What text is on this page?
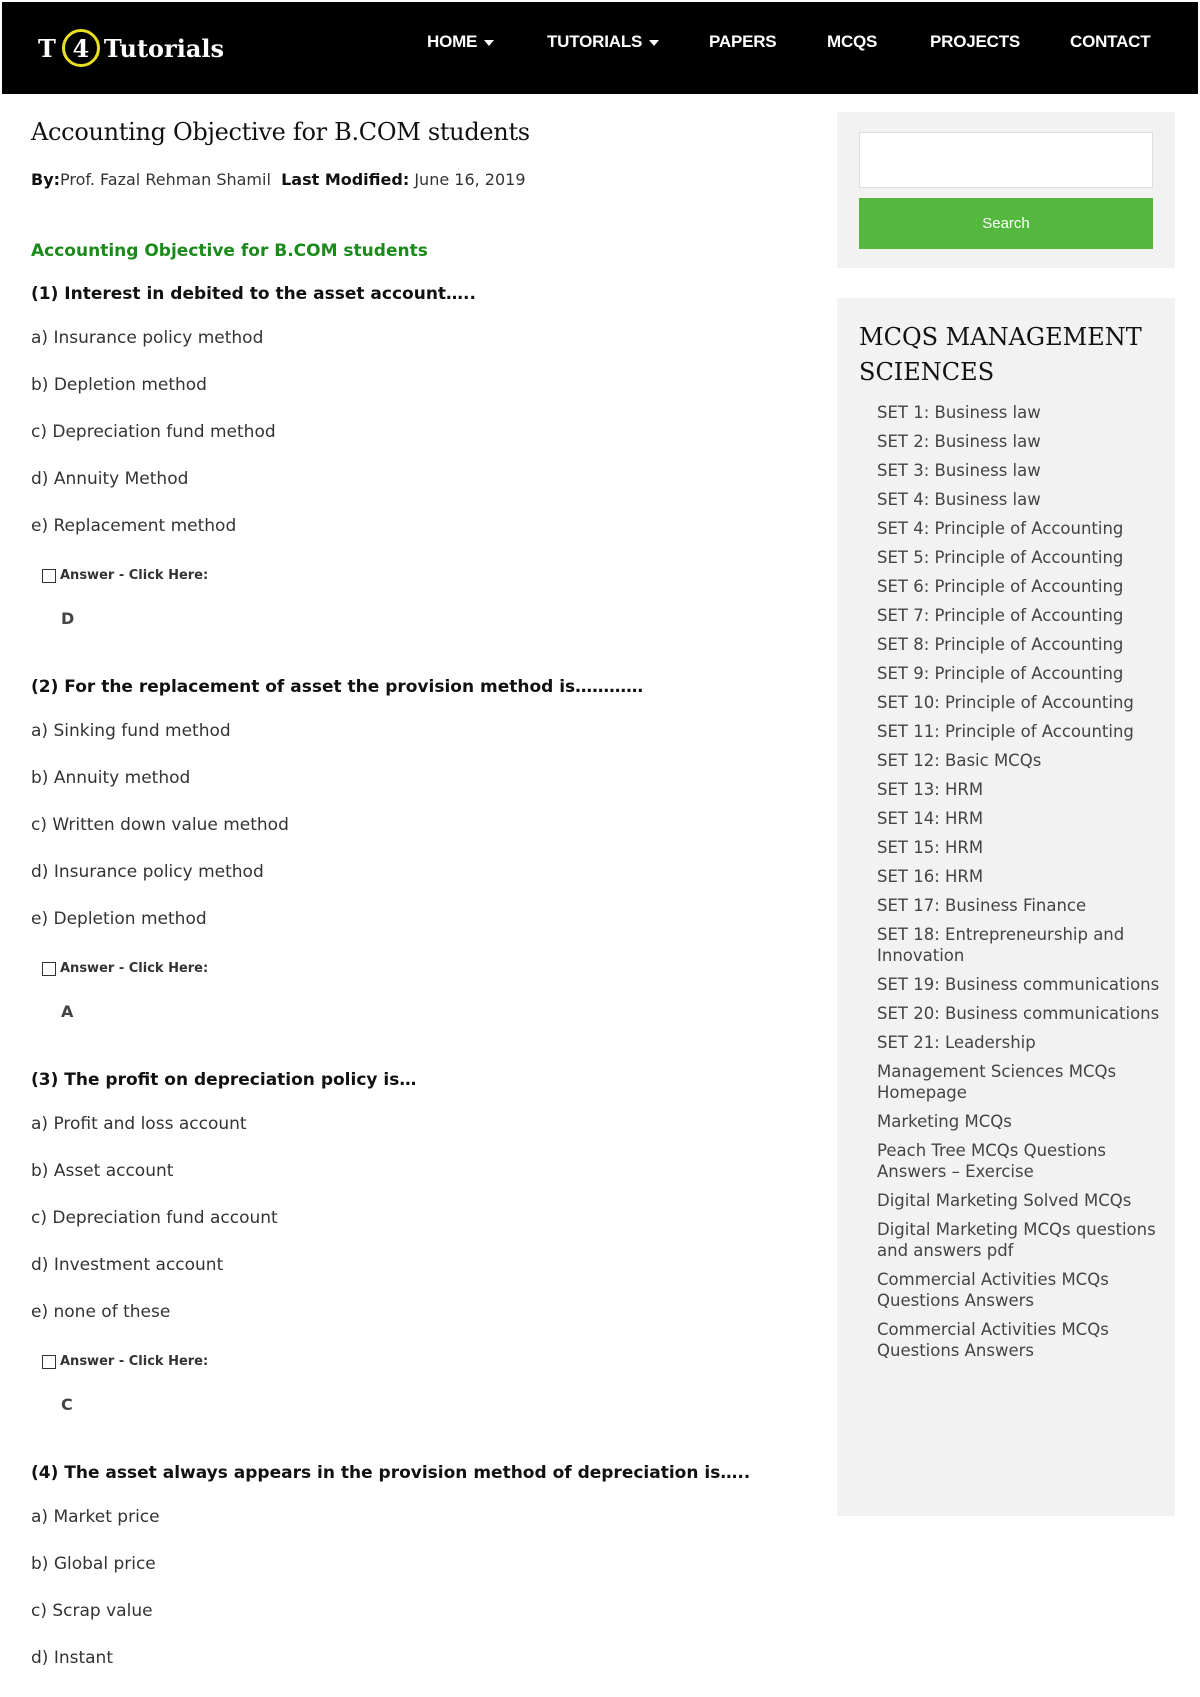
T 4 Tutorials	HOME	TUTORIALS	PAPERS	MCQS	PROJECTS	CONTACT
Accounting Objective for B.COM students
By:Prof. Fazal Rehman Shamil Last Modified: June 16, 2019
Accounting Objective for B.COM students
(1) Interest in debited to the asset account…..
a) Insurance policy method
b) Depletion method
c) Depreciation fund method
d) Annuity Method
e) Replacement method
Answer - Click Here:
D
(2) For the replacement of asset the provision method is…………
a) Sinking fund method
b) Annuity method
c) Written down value method
d) Insurance policy method
e) Depletion method
Answer - Click Here:
A
(3) The profit on depreciation policy is…
a) Profit and loss account
b) Asset account
c) Depreciation fund account
d) Investment account
e) none of these
Answer - Click Here:
C
(4) The asset always appears in the provision method of depreciation is…..
a) Market price
b) Global price
c) Scrap value
d) Instant
Search
MCQS MANAGEMENT SCIENCES
SET 1: Business law
SET 2: Business law
SET 3: Business law
SET 4: Business law
SET 4: Principle of Accounting
SET 5: Principle of Accounting
SET 6: Principle of Accounting
SET 7: Principle of Accounting
SET 8: Principle of Accounting
SET 9: Principle of Accounting
SET 10: Principle of Accounting
SET 11: Principle of Accounting
SET 12: Basic MCQs
SET 13: HRM
SET 14: HRM
SET 15: HRM
SET 16: HRM
SET 17: Business Finance
SET 18: Entrepreneurship and Innovation
SET 19: Business communications
SET 20: Business communications
SET 21: Leadership
Management Sciences MCQs Homepage
Marketing MCQs
Peach Tree MCQs Questions Answers – Exercise
Digital Marketing Solved MCQs
Digital Marketing MCQs questions and answers pdf
Commercial Activities MCQs Questions Answers
Commercial Activities MCQs Questions Answers
